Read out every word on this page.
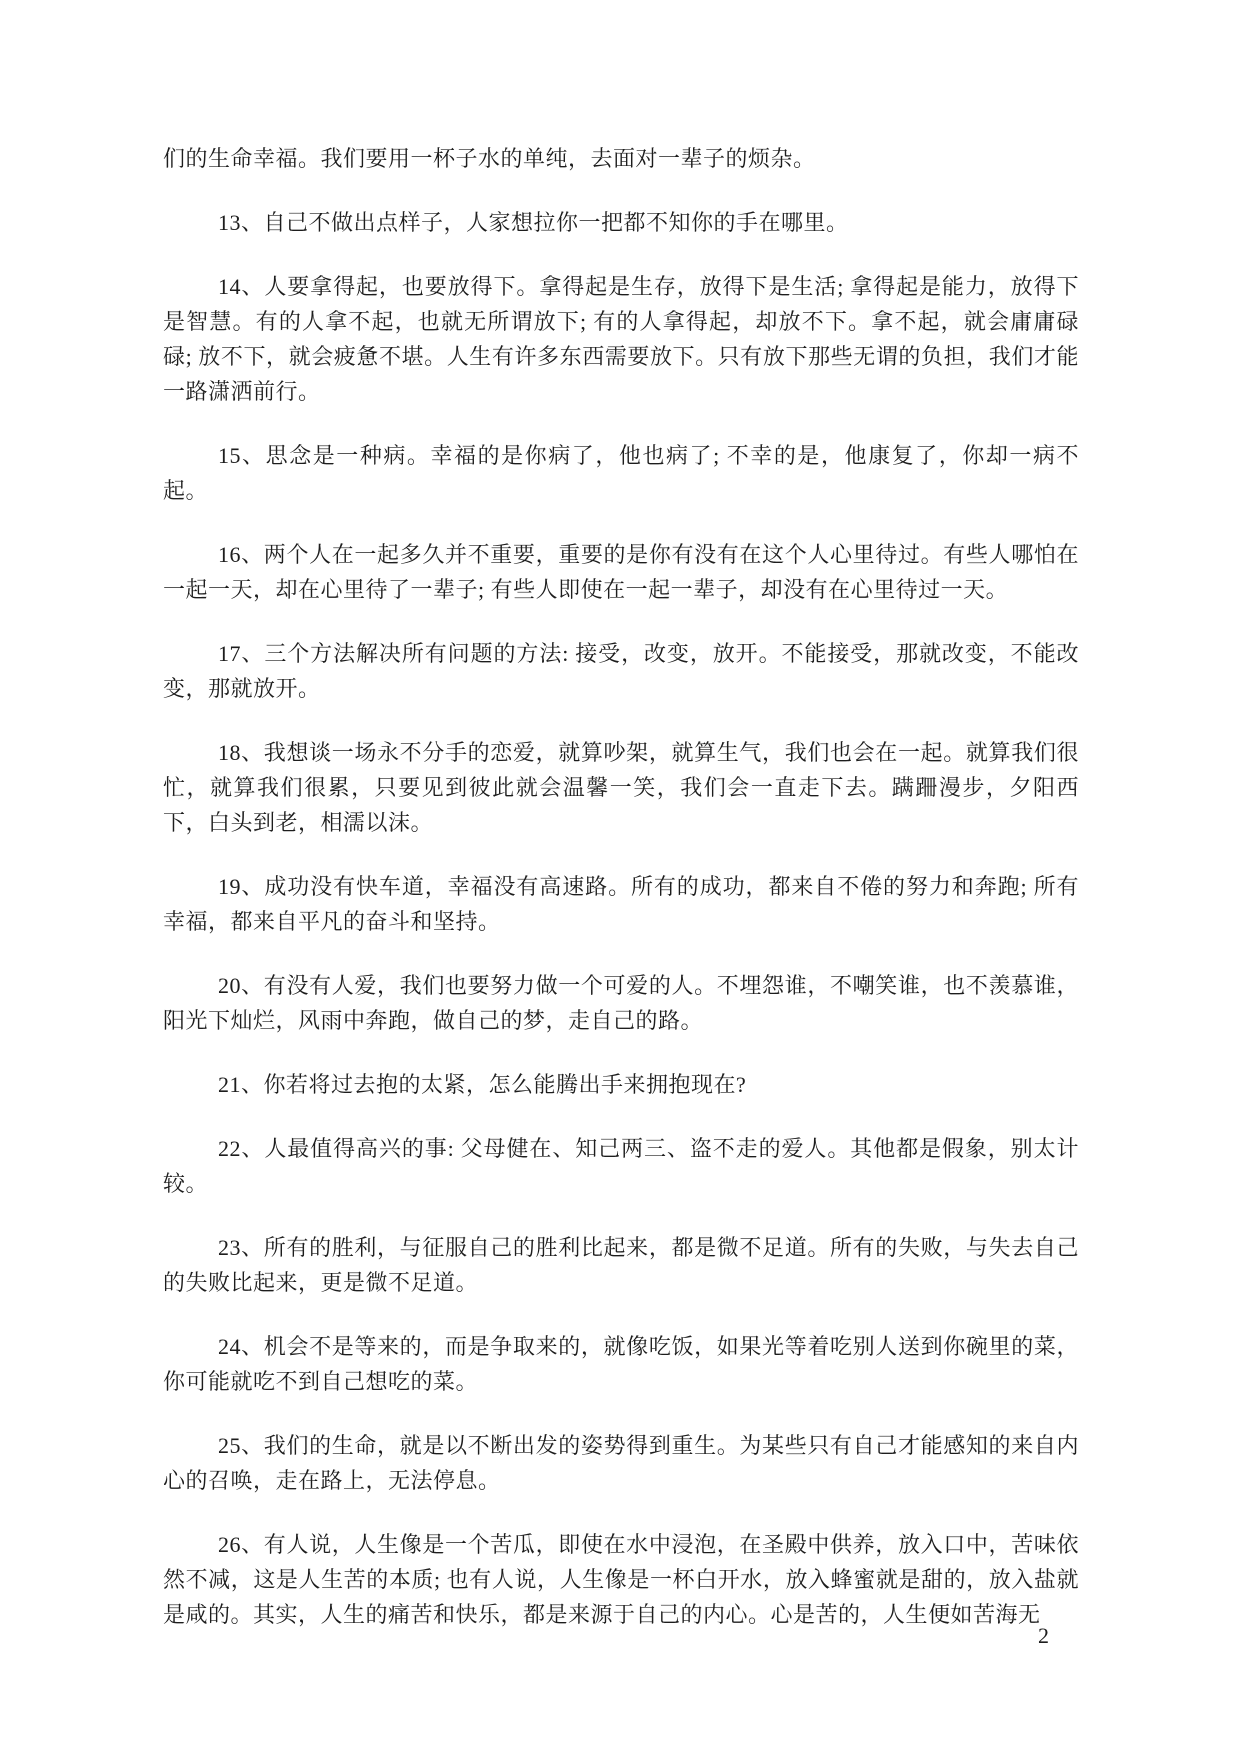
们的生命幸福。我们要用一杯子水的单纯，去面对一辈子的烦杂。

13、自己不做出点样子，人家想拉你一把都不知你的手在哪里。

14、人要拿得起，也要放得下。拿得起是生存，放得下是生活; 拿得起是能力，放得下是智慧。有的人拿不起，也就无所谓放下; 有的人拿得起，却放不下。拿不起，就会庸庸碌碌; 放不下，就会疲惫不堪。人生有许多东西需要放下。只有放下那些无谓的负担，我们才能一路潇洒前行。

15、思念是一种病。幸福的是你病了，他也病了; 不幸的是，他康复了，你却一病不起。

16、两个人在一起多久并不重要，重要的是你有没有在这个人心里待过。有些人哪怕在一起一天，却在心里待了一辈子; 有些人即使在一起一辈子，却没有在心里待过一天。

17、三个方法解决所有问题的方法: 接受，改变，放开。不能接受，那就改变，不能改变，那就放开。

18、我想谈一场永不分手的恋爱，就算吵架，就算生气，我们也会在一起。就算我们很忙，就算我们很累，只要见到彼此就会温馨一笑，我们会一直走下去。蹒跚漫步，夕阳西下，白头到老，相濡以沫。

19、成功没有快车道，幸福没有高速路。所有的成功，都来自不倦的努力和奔跑; 所有幸福，都来自平凡的奋斗和坚持。

20、有没有人爱，我们也要努力做一个可爱的人。不埋怨谁，不嘲笑谁，也不羡慕谁，阳光下灿烂，风雨中奔跑，做自己的梦，走自己的路。

21、你若将过去抱的太紧，怎么能腾出手来拥抱现在?

22、人最值得高兴的事: 父母健在、知己两三、盗不走的爱人。其他都是假象，别太计较。

23、所有的胜利，与征服自己的胜利比起来，都是微不足道。所有的失败，与失去自己的失败比起来，更是微不足道。

24、机会不是等来的，而是争取来的，就像吃饭，如果光等着吃别人送到你碗里的菜，你可能就吃不到自己想吃的菜。

25、我们的生命，就是以不断出发的姿势得到重生。为某些只有自己才能感知的来自内心的召唤，走在路上，无法停息。

26、有人说，人生像是一个苦瓜，即使在水中浸泡，在圣殿中供养，放入口中，苦味依然不减，这是人生苦的本质; 也有人说，人生像是一杯白开水，放入蜂蜜就是甜的，放入盐就是咸的。其实，人生的痛苦和快乐，都是来源于自己的内心。心是苦的，人生便如苦海无

2
